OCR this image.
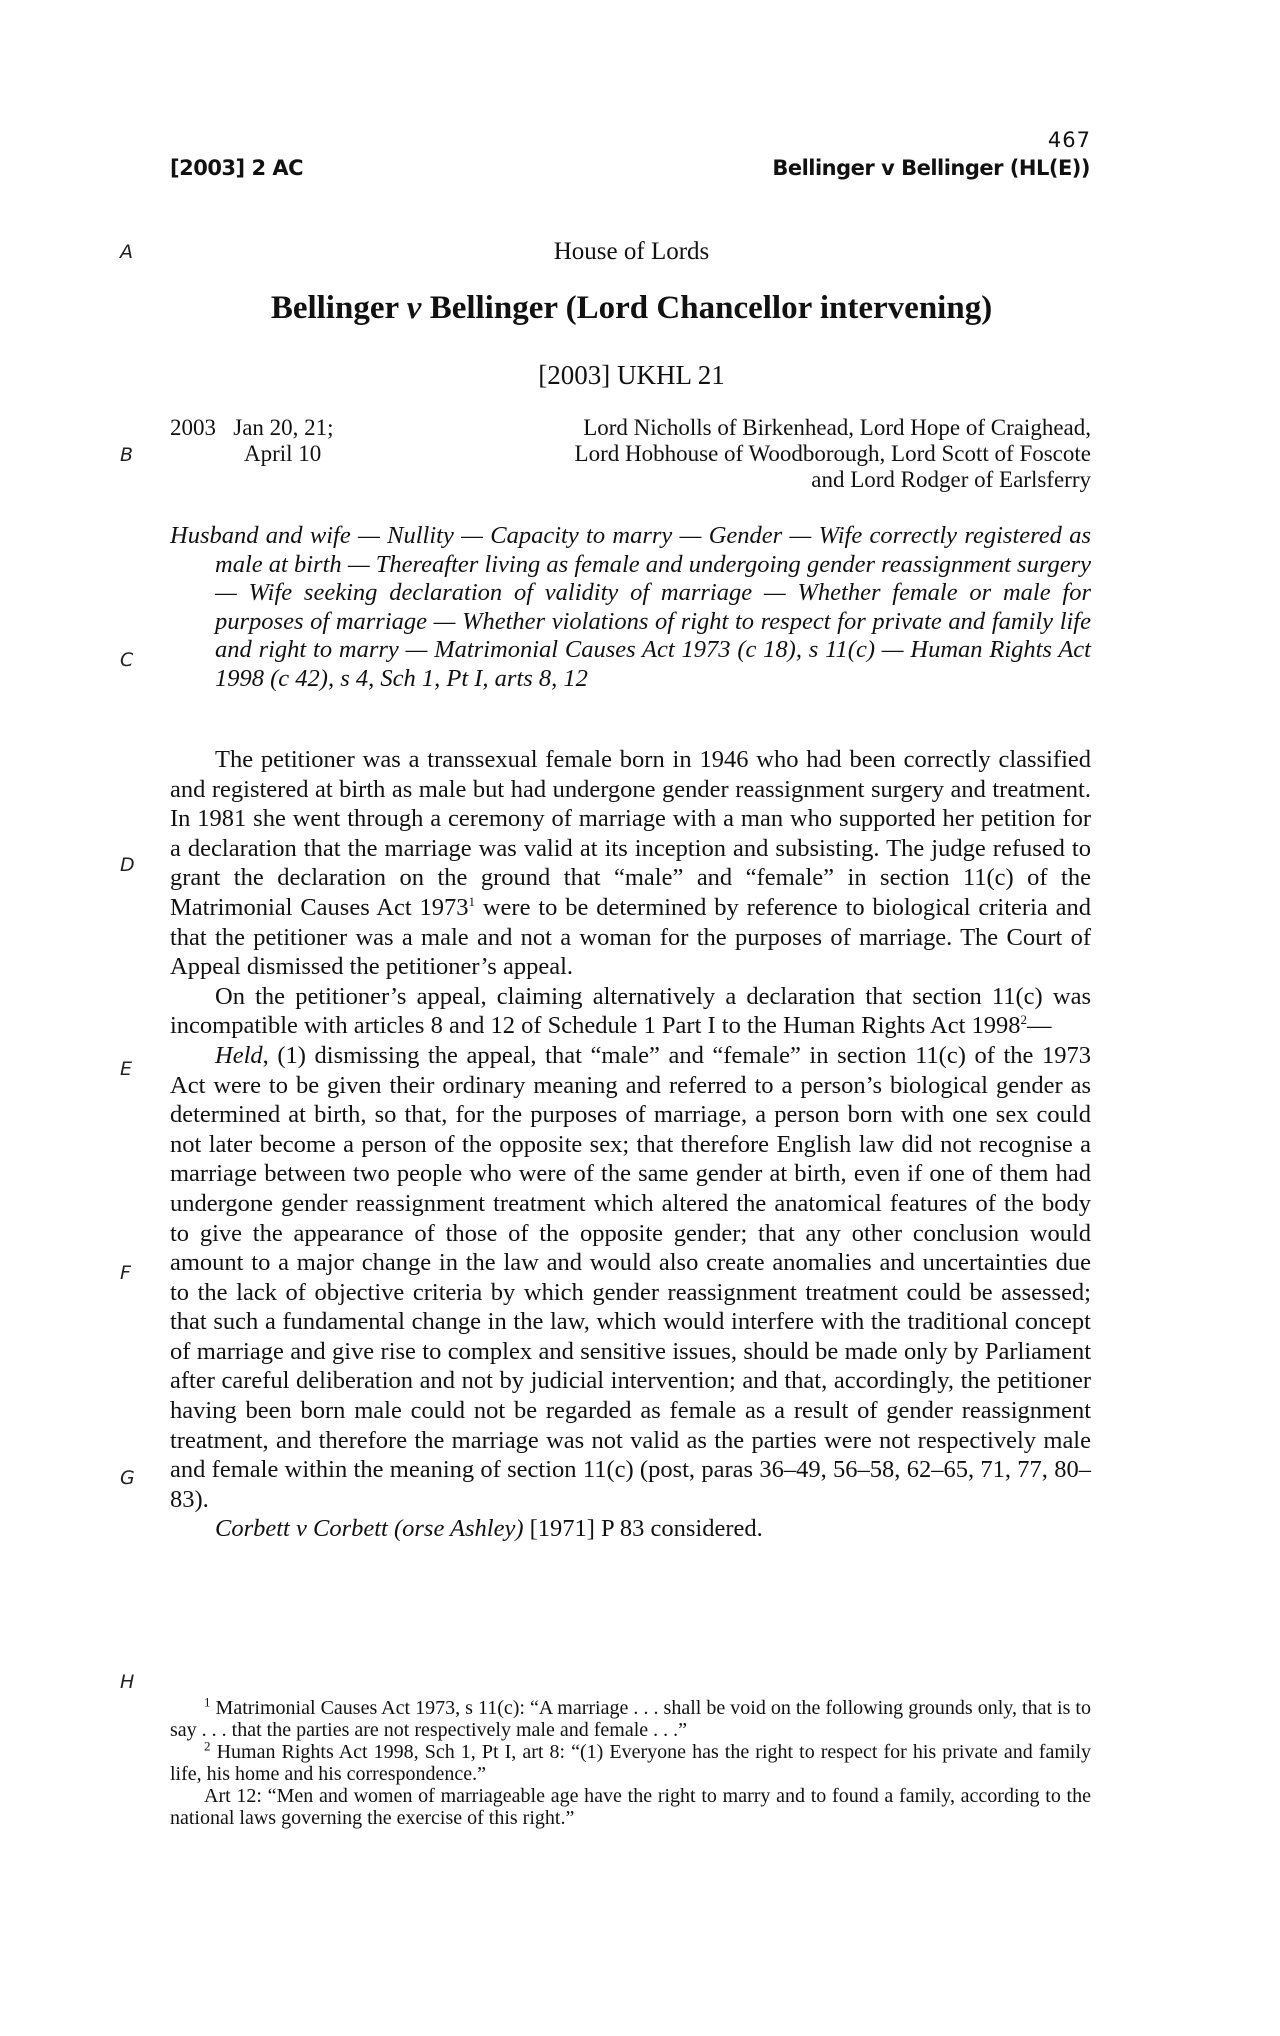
467
[2003] 2 AC	Bellinger v Bellinger (HL(E))
A
B
C
D
E
F
G
H
House of Lords
Bellinger v Bellinger (Lord Chancellor intervening)
[2003] UKHL 21
2003   Jan 20, 21;
April 10
Lord Nicholls of Birkenhead, Lord Hope of Craighead,
Lord Hobhouse of Woodborough, Lord Scott of Foscote
and Lord Rodger of Earlsferry
Husband and wife — Nullity — Capacity to marry — Gender — Wife correctly registered as male at birth — Thereafter living as female and undergoing gender reassignment surgery — Wife seeking declaration of validity of marriage — Whether female or male for purposes of marriage — Whether violations of right to respect for private and family life and right to marry — Matrimonial Causes Act 1973 (c 18), s 11(c) — Human Rights Act 1998 (c 42), s 4, Sch 1, Pt I, arts 8, 12

The petitioner was a transsexual female born in 1946 who had been correctly classified and registered at birth as male but had undergone gender reassignment surgery and treatment. In 1981 she went through a ceremony of marriage with a man who supported her petition for a declaration that the marriage was valid at its inception and subsisting. The judge refused to grant the declaration on the ground that “male” and “female” in section 11(c) of the Matrimonial Causes Act 1973$^1$ were to be determined by reference to biological criteria and that the petitioner was a male and not a woman for the purposes of marriage. The Court of Appeal dismissed the petitioner’s appeal.

On the petitioner’s appeal, claiming alternatively a declaration that section 11(c) was incompatible with articles 8 and 12 of Schedule 1 Part I to the Human Rights Act 1998$^2$—

Held, (1) dismissing the appeal, that “male” and “female” in section 11(c) of the 1973 Act were to be given their ordinary meaning and referred to a person’s biological gender as determined at birth, so that, for the purposes of marriage, a person born with one sex could not later become a person of the opposite sex; that therefore English law did not recognise a marriage between two people who were of the same gender at birth, even if one of them had undergone gender reassignment treatment which altered the anatomical features of the body to give the appearance of those of the opposite gender; that any other conclusion would amount to a major change in the law and would also create anomalies and uncertainties due to the lack of objective criteria by which gender reassignment treatment could be assessed; that such a fundamental change in the law, which would interfere with the traditional concept of marriage and give rise to complex and sensitive issues, should be made only by Parliament after careful deliberation and not by judicial intervention; and that, accordingly, the petitioner having been born male could not be regarded as female as a result of gender reassignment treatment, and therefore the marriage was not valid as the parties were not respectively male and female within the meaning of section 11(c) (post, paras 36–49, 56–58, 62–65, 71, 77, 80–83).

Corbett v Corbett (orse Ashley) [1971] P 83 considered.

$^1$ Matrimonial Causes Act 1973, s 11(c): “A marriage . . . shall be void on the following grounds only, that is to say . . . that the parties are not respectively male and female . . .”

$^2$ Human Rights Act 1998, Sch 1, Pt I, art 8: “(1) Everyone has the right to respect for his private and family life, his home and his correspondence.”

Art 12: “Men and women of marriageable age have the right to marry and to found a family, according to the national laws governing the exercise of this right.”
